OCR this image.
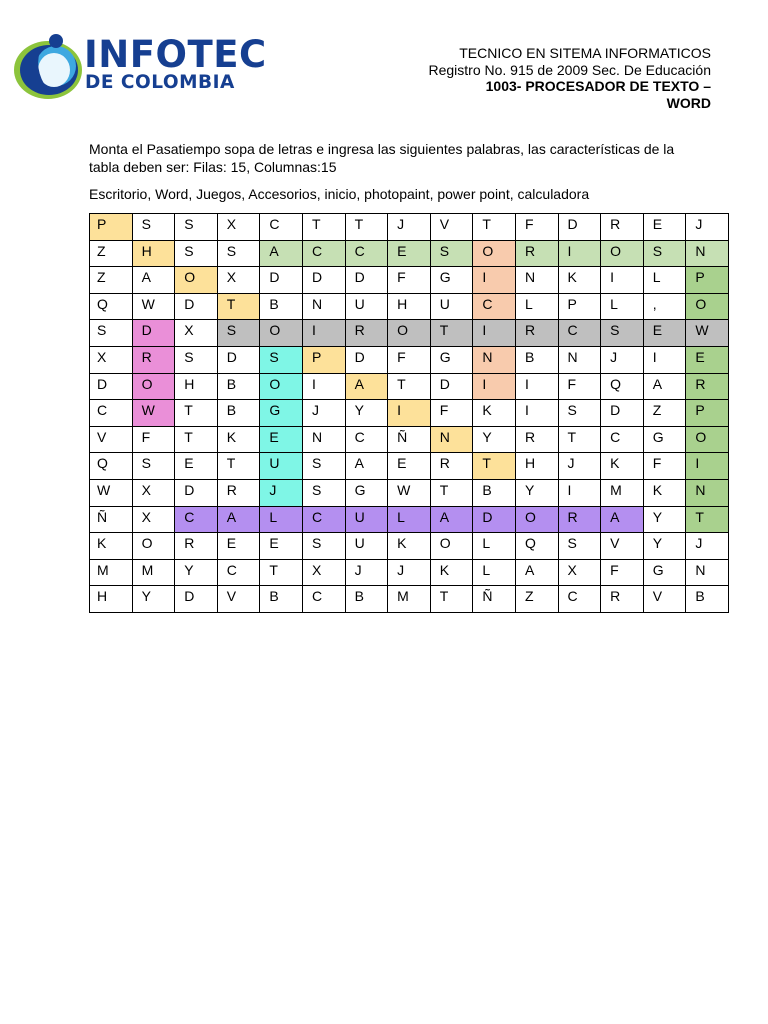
INFOTEC
DE COLOMBIA
TECNICO EN SITEMA INFORMATICOS
Registro No. 915 de 2009 Sec. De Educación
1003- PROCESADOR DE TEXTO –
WORD
Monta el Pasatiempo sopa de letras e ingresa las siguientes palabras, las características de la tabla deben ser: Filas: 15, Columnas:15
Escritorio, Word, Juegos, Accesorios, inicio, photopaint, power point, calculadora
P	S	S	X	C	T	T	J	V	T	F	D	R	E	J
Z	H	S	S	A	C	C	E	S	O	R	I	O	S	N
Z	A	O	X	D	D	D	F	G	I	N	K	I	L	P
Q	W	D	T	B	N	U	H	U	C	L	P	L	,	O
S	D	X	S	O	I	R	O	T	I	R	C	S	E	W
X	R	S	D	S	P	D	F	G	N	B	N	J	I	E
D	O	H	B	O	I	A	T	D	I	I	F	Q	A	R
C	W	T	B	G	J	Y	I	F	K	I	S	D	Z	P
V	F	T	K	E	N	C	Ñ	N	Y	R	T	C	G	O
Q	S	E	T	U	S	A	E	R	T	H	J	K	F	I
W	X	D	R	J	S	G	W	T	B	Y	I	M	K	N
Ñ	X	C	A	L	C	U	L	A	D	O	R	A	Y	T
K	O	R	E	E	S	U	K	O	L	Q	S	V	Y	J
M	M	Y	C	T	X	J	J	K	L	A	X	F	G	N
H	Y	D	V	B	C	B	M	T	Ñ	Z	C	R	V	B
